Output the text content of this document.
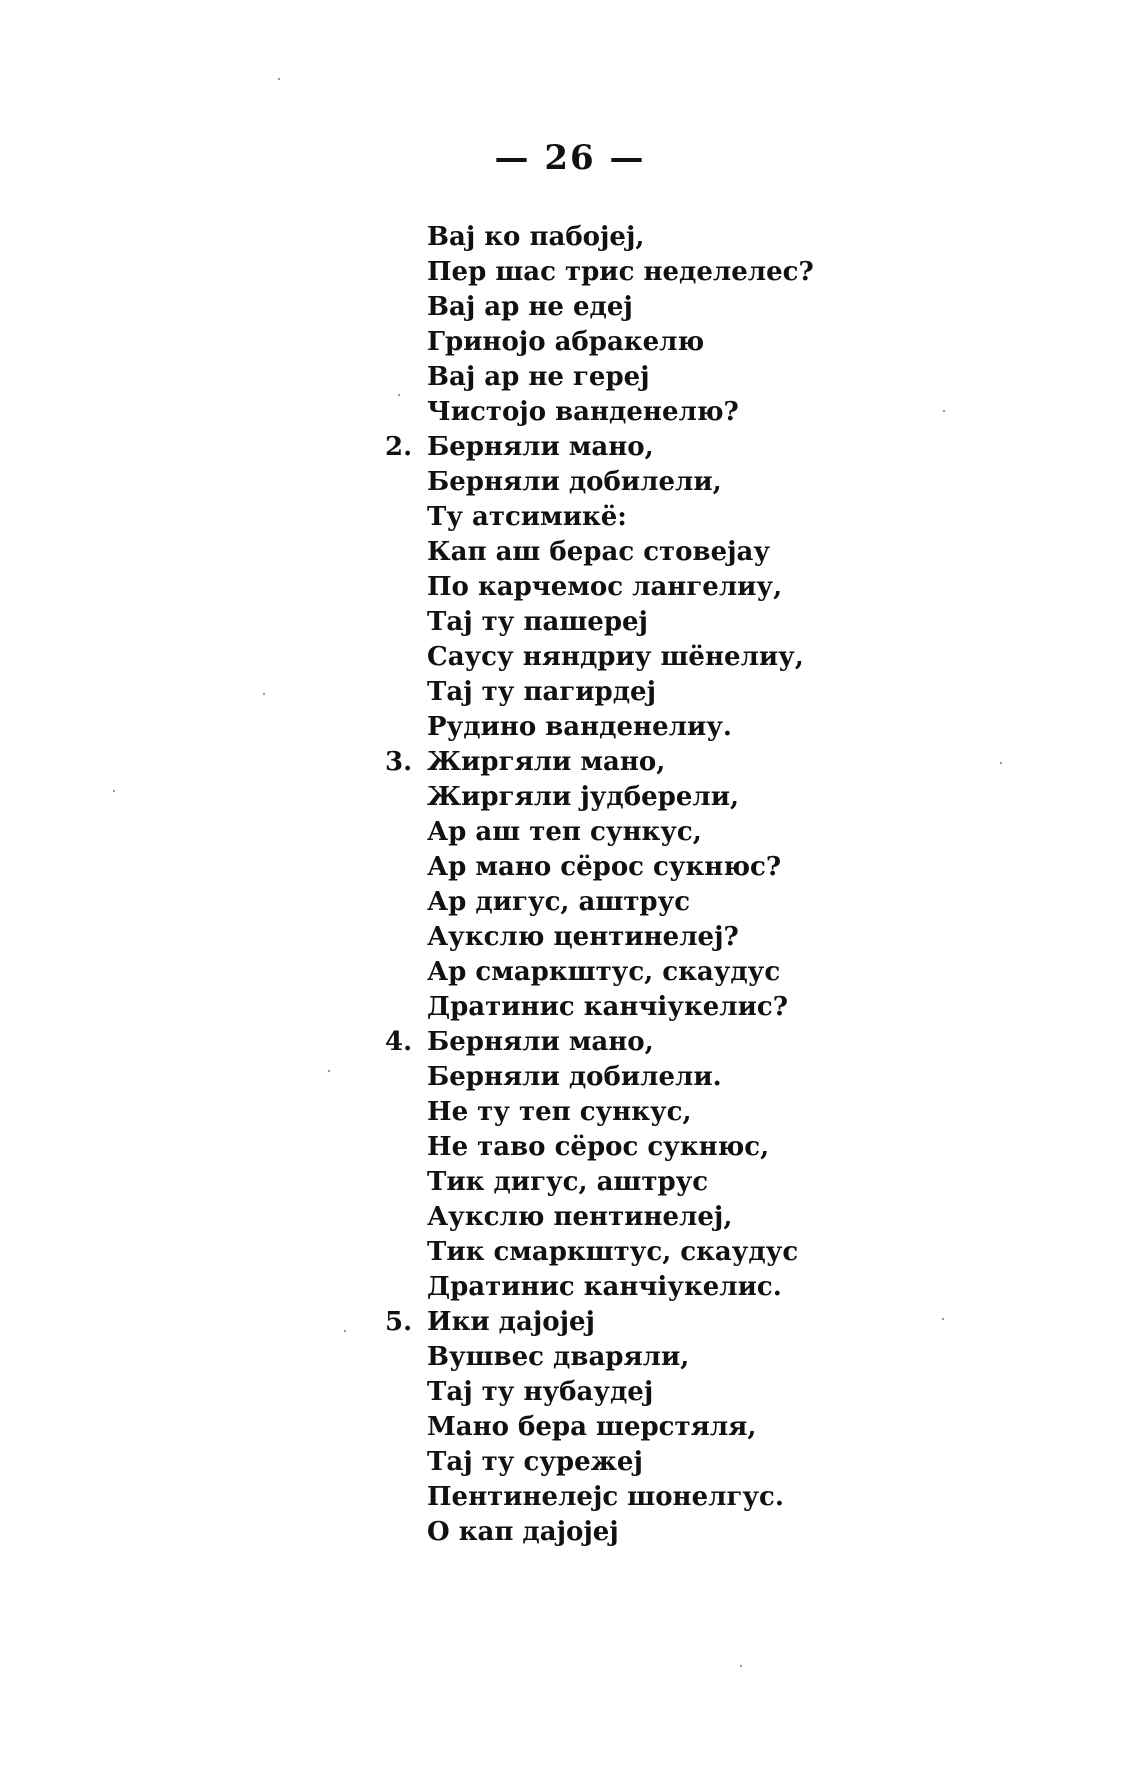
— 26 —
Вај ко пабојеј,
Пер шас трис неделелес?
Вај ар не едеј
Гринојо абракелю
Вај ар не гереј
Чистојо ванденелю?
2. Берняли мано,
Берняли добилели,
Ту атсимикё:
Кап аш берас стовејау
По карчемос лангелиу,
Тај ту пашереј
Саусу няндриу шёнелиу,
Тај ту пагирдеј
Рудино ванденелиу.
3. Жиргяли мано,
Жиргяли јудберели,
Ар аш теп сункус,
Ар мано сёрос сукнюс?
Ар дигус, аштрус
Аукслю центинелеј?
Ар смаркштус, скаудус
Дратинис канчiукелис?
4. Берняли мано,
Берняли добилели.
Не ту теп сункус,
Не таво сёрос сукнюс,
Тик дигус, аштрус
Аукслю пентинелеј,
Тик смаркштус, скаудус
Дратинис канчiукелис.
5. Ики дајојеј
Вушвес дваряли,
Тај ту нубаудеј
Мано бера шерстяля,
Тај ту сурежеј
Пентинелејс шонелгус.
О кап дајојеј
